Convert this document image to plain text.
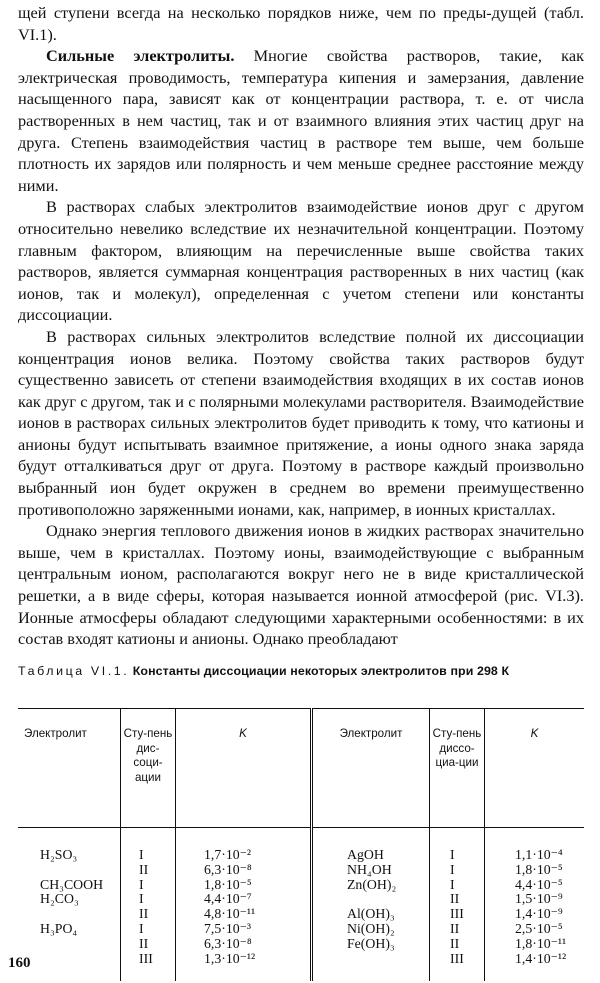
щей ступени всегда на несколько порядков ниже, чем по преды-дущей (табл. VI.1).

Сильные электролиты. Многие свойства растворов, такие, как электрическая проводимость, температура кипения и замерзания, давление насыщенного пара, зависят как от концентрации раствора, т. е. от числа растворенных в нем частиц, так и от взаимного влияния этих частиц друг на друга. Степень взаимодействия частиц в растворе тем выше, чем больше плотность их зарядов или полярность и чем меньше среднее расстояние между ними.

В растворах слабых электролитов взаимодействие ионов друг с другом относительно невелико вследствие их незначительной концентрации. Поэтому главным фактором, влияющим на перечисленные выше свойства таких растворов, является суммарная концентрация растворенных в них частиц (как ионов, так и молекул), определенная с учетом степени или константы диссоциации.

В растворах сильных электролитов вследствие полной их диссоциации концентрация ионов велика. Поэтому свойства таких растворов будут существенно зависеть от степени взаимодействия входящих в их состав ионов как друг с другом, так и с полярными молекулами растворителя. Взаимодействие ионов в растворах сильных электролитов будет приводить к тому, что катионы и анионы будут испытывать взаимное притяжение, а ионы одного знака заряда будут отталкиваться друг от друга. Поэтому в растворе каждый произвольно выбранный ион будет окружен в среднем во времени преимущественно противоположно заряженными ионами, как, например, в ионных кристаллах.

Однако энергия теплового движения ионов в жидких растворах значительно выше, чем в кристаллах. Поэтому ионы, взаимодействующие с выбранным центральным ионом, располагаются вокруг него не в виде кристаллической решетки, а в виде сферы, которая называется ионной атмосферой (рис. VI.3). Ионные атмосферы обладают следующими характерными особенностями: в их состав входят катионы и анионы. Однако преобладают

Таблица VI.1. Константы диссоциации некоторых электролитов при 298 К

Электролит	Сту-пень дис-соци-ации	K	Электролит	Сту-пень диссо-циа-ции	K
H₂SO₃	I	1,7·10⁻²	AgOH	I	1,1·10⁻⁴
	II	6,3·10⁻⁸	NH₄OH	I	1,8·10⁻⁵
CH₃COOH	I	1,8·10⁻⁵	Zn(OH)₂	I	4,4·10⁻⁵
H₂CO₃	I	4,4·10⁻⁷		II	1,5·10⁻⁹
	II	4,8·10⁻¹¹	Al(OH)₃	III	1,4·10⁻⁹
H₃PO₄	I	7,5·10⁻³	Ni(OH)₂	II	2,5·10⁻⁵
	II	6,3·10⁻⁸	Fe(OH)₃	II	1,8·10⁻¹¹
	III	1,3·10⁻¹²		III	1,4·10⁻¹²

160
